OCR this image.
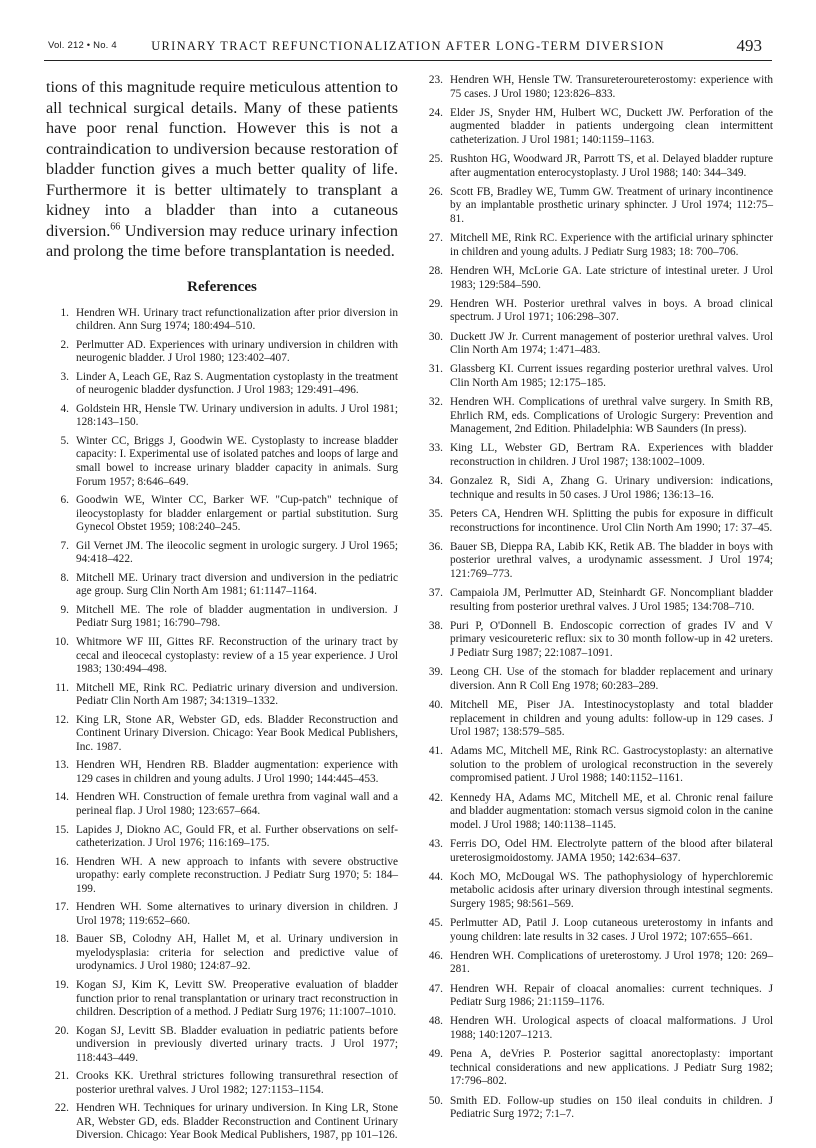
Vol. 212 • No. 4	URINARY TRACT REFUNCTIONALIZATION AFTER LONG-TERM DIVERSION	493

tions of this magnitude require meticulous attention to all technical surgical details. Many of these patients have poor renal function. However this is not a contraindication to undiversion because restoration of bladder function gives a much better quality of life. Furthermore it is better ultimately to transplant a kidney into a bladder than into a cutaneous diversion.$^{66}$ Undiversion may reduce urinary infection and prolong the time before transplantation is needed.

References
1. Hendren WH. Urinary tract refunctionalization after prior diversion in children. Ann Surg 1974; 180:494–510.
2. Perlmutter AD. Experiences with urinary undiversion in children with neurogenic bladder. J Urol 1980; 123:402–407.
3. Linder A, Leach GE, Raz S. Augmentation cystoplasty in the treatment of neurogenic bladder dysfunction. J Urol 1983; 129:491–496.
4. Goldstein HR, Hensle TW. Urinary undiversion in adults. J Urol 1981; 128:143–150.
5. Winter CC, Briggs J, Goodwin WE. Cystoplasty to increase bladder capacity: I. Experimental use of isolated patches and loops of large and small bowel to increase urinary bladder capacity in animals. Surg Forum 1957; 8:646–649.
6. Goodwin WE, Winter CC, Barker WF. "Cup-patch" technique of ileocystoplasty for bladder enlargement or partial substitution. Surg Gynecol Obstet 1959; 108:240–245.
7. Gil Vernet JM. The ileocolic segment in urologic surgery. J Urol 1965; 94:418–422.
8. Mitchell ME. Urinary tract diversion and undiversion in the pediatric age group. Surg Clin North Am 1981; 61:1147–1164.
9. Mitchell ME. The role of bladder augmentation in undiversion. J Pediatr Surg 1981; 16:790–798.
10. Whitmore WF III, Gittes RF. Reconstruction of the urinary tract by cecal and ileocecal cystoplasty: review of a 15 year experience. J Urol 1983; 130:494–498.
11. Mitchell ME, Rink RC. Pediatric urinary diversion and undiversion. Pediatr Clin North Am 1987; 34:1319–1332.
12. King LR, Stone AR, Webster GD, eds. Bladder Reconstruction and Continent Urinary Diversion. Chicago: Year Book Medical Publishers, Inc. 1987.
13. Hendren WH, Hendren RB. Bladder augmentation: experience with 129 cases in children and young adults. J Urol 1990; 144:445–453.
14. Hendren WH. Construction of female urethra from vaginal wall and a perineal flap. J Urol 1980; 123:657–664.
15. Lapides J, Diokno AC, Gould FR, et al. Further observations on self-catheterization. J Urol 1976; 116:169–175.
16. Hendren WH. A new approach to infants with severe obstructive uropathy: early complete reconstruction. J Pediatr Surg 1970; 5: 184–199.
17. Hendren WH. Some alternatives to urinary diversion in children. J Urol 1978; 119:652–660.
18. Bauer SB, Colodny AH, Hallet M, et al. Urinary undiversion in myelodysplasia: criteria for selection and predictive value of urodynamics. J Urol 1980; 124:87–92.
19. Kogan SJ, Kim K, Levitt SW. Preoperative evaluation of bladder function prior to renal transplantation or urinary tract reconstruction in children. Description of a method. J Pediatr Surg 1976; 11:1007–1010.
20. Kogan SJ, Levitt SB. Bladder evaluation in pediatric patients before undiversion in previously diverted urinary tracts. J Urol 1977; 118:443–449.
21. Crooks KK. Urethral strictures following transurethral resection of posterior urethral valves. J Urol 1982; 127:1153–1154.
22. Hendren WH. Techniques for urinary undiversion. In King LR, Stone AR, Webster GD, eds. Bladder Reconstruction and Continent Urinary Diversion. Chicago: Year Book Medical Publishers, 1987, pp 101–126.
23. Hendren WH, Hensle TW. Transureteroureterostomy: experience with 75 cases. J Urol 1980; 123:826–833.
24. Elder JS, Snyder HM, Hulbert WC, Duckett JW. Perforation of the augmented bladder in patients undergoing clean intermittent catheterization. J Urol 1981; 140:1159–1163.
25. Rushton HG, Woodward JR, Parrott TS, et al. Delayed bladder rupture after augmentation enterocystoplasty. J Urol 1988; 140: 344–349.
26. Scott FB, Bradley WE, Tumm GW. Treatment of urinary incontinence by an implantable prosthetic urinary sphincter. J Urol 1974; 112:75–81.
27. Mitchell ME, Rink RC. Experience with the artificial urinary sphincter in children and young adults. J Pediatr Surg 1983; 18: 700–706.
28. Hendren WH, McLorie GA. Late stricture of intestinal ureter. J Urol 1983; 129:584–590.
29. Hendren WH. Posterior urethral valves in boys. A broad clinical spectrum. J Urol 1971; 106:298–307.
30. Duckett JW Jr. Current management of posterior urethral valves. Urol Clin North Am 1974; 1:471–483.
31. Glassberg KI. Current issues regarding posterior urethral valves. Urol Clin North Am 1985; 12:175–185.
32. Hendren WH. Complications of urethral valve surgery. In Smith RB, Ehrlich RM, eds. Complications of Urologic Surgery: Prevention and Management, 2nd Edition. Philadelphia: WB Saunders (In press).
33. King LL, Webster GD, Bertram RA. Experiences with bladder reconstruction in children. J Urol 1987; 138:1002–1009.
34. Gonzalez R, Sidi A, Zhang G. Urinary undiversion: indications, technique and results in 50 cases. J Urol 1986; 136:13–16.
35. Peters CA, Hendren WH. Splitting the pubis for exposure in difficult reconstructions for incontinence. Urol Clin North Am 1990; 17: 37–45.
36. Bauer SB, Dieppa RA, Labib KK, Retik AB. The bladder in boys with posterior urethral valves, a urodynamic assessment. J Urol 1974; 121:769–773.
37. Campaiola JM, Perlmutter AD, Steinhardt GF. Noncompliant bladder resulting from posterior urethral valves. J Urol 1985; 134:708–710.
38. Puri P, O'Donnell B. Endoscopic correction of grades IV and V primary vesicoureteric reflux: six to 30 month follow-up in 42 ureters. J Pediatr Surg 1987; 22:1087–1091.
39. Leong CH. Use of the stomach for bladder replacement and urinary diversion. Ann R Coll Eng 1978; 60:283–289.
40. Mitchell ME, Piser JA. Intestinocystoplasty and total bladder replacement in children and young adults: follow-up in 129 cases. J Urol 1987; 138:579–585.
41. Adams MC, Mitchell ME, Rink RC. Gastrocystoplasty: an alternative solution to the problem of urological reconstruction in the severely compromised patient. J Urol 1988; 140:1152–1161.
42. Kennedy HA, Adams MC, Mitchell ME, et al. Chronic renal failure and bladder augmentation: stomach versus sigmoid colon in the canine model. J Urol 1988; 140:1138–1145.
43. Ferris DO, Odel HM. Electrolyte pattern of the blood after bilateral ureterosigmoidostomy. JAMA 1950; 142:634–637.
44. Koch MO, McDougal WS. The pathophysiology of hyperchloremic metabolic acidosis after urinary diversion through intestinal segments. Surgery 1985; 98:561–569.
45. Perlmutter AD, Patil J. Loop cutaneous ureterostomy in infants and young children: late results in 32 cases. J Urol 1972; 107:655–661.
46. Hendren WH. Complications of ureterostomy. J Urol 1978; 120: 269–281.
47. Hendren WH. Repair of cloacal anomalies: current techniques. J Pediatr Surg 1986; 21:1159–1176.
48. Hendren WH. Urological aspects of cloacal malformations. J Urol 1988; 140:1207–1213.
49. Pena A, deVries P. Posterior sagittal anorectoplasty: important technical considerations and new applications. J Pediatr Surg 1982; 17:796–802.
50. Smith ED. Follow-up studies on 150 ileal conduits in children. J Pediatric Surg 1972; 7:1–7.
